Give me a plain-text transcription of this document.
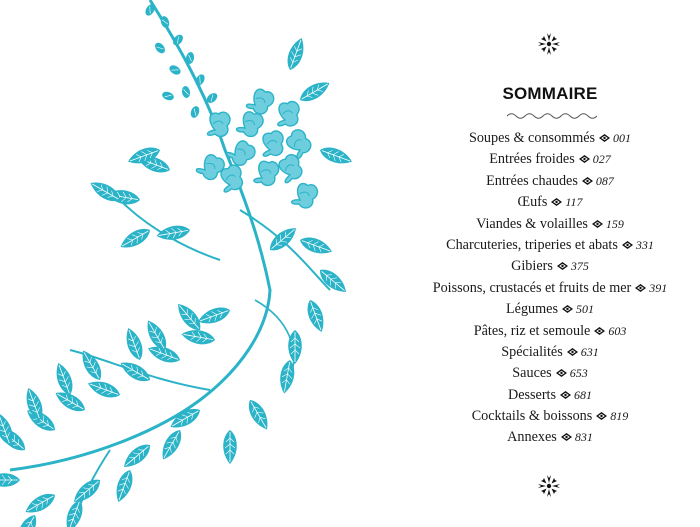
SOMMAIRE
Soupes & consommés 001
Entrées froides 027
Entrées chaudes 087
Œufs 117
Viandes & volailles 159
Charcuteries, triperies et abats 331
Gibiers 375
Poissons, crustacés et fruits de mer 391
Légumes 501
Pâtes, riz et semoule 603
Spécialités 631
Sauces 653
Desserts 681
Cocktails & boissons 819
Annexes 831
